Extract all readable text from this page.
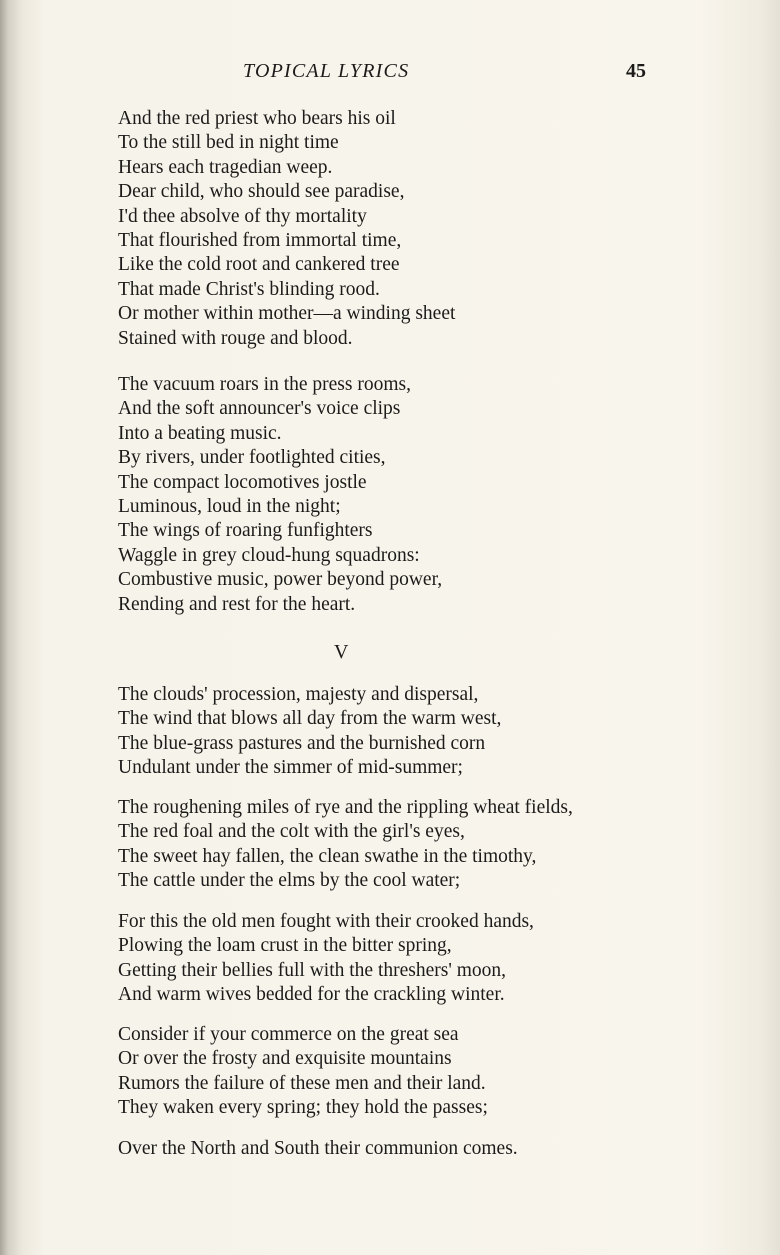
TOPICAL LYRICS	45
And the red priest who bears his oil
To the still bed in night time
Hears each tragedian weep.
Dear child, who should see paradise,
I'd thee absolve of thy mortality
That flourished from immortal time,
Like the cold root and cankered tree
That made Christ's blinding rood.
Or mother within mother—a winding sheet
Stained with rouge and blood.
The vacuum roars in the press rooms,
And the soft announcer's voice clips
Into a beating music.
By rivers, under footlighted cities,
The compact locomotives jostle
Luminous, loud in the night;
The wings of roaring funfighters
Waggle in grey cloud-hung squadrons:
Combustive music, power beyond power,
Rending and rest for the heart.
V
The clouds' procession, majesty and dispersal,
The wind that blows all day from the warm west,
The blue-grass pastures and the burnished corn
Undulant under the simmer of mid-summer;
The roughening miles of rye and the rippling wheat fields,
The red foal and the colt with the girl's eyes,
The sweet hay fallen, the clean swathe in the timothy,
The cattle under the elms by the cool water;
For this the old men fought with their crooked hands,
Plowing the loam crust in the bitter spring,
Getting their bellies full with the threshers' moon,
And warm wives bedded for the crackling winter.
Consider if your commerce on the great sea
Or over the frosty and exquisite mountains
Rumors the failure of these men and their land.
They waken every spring; they hold the passes;
Over the North and South their communion comes.
